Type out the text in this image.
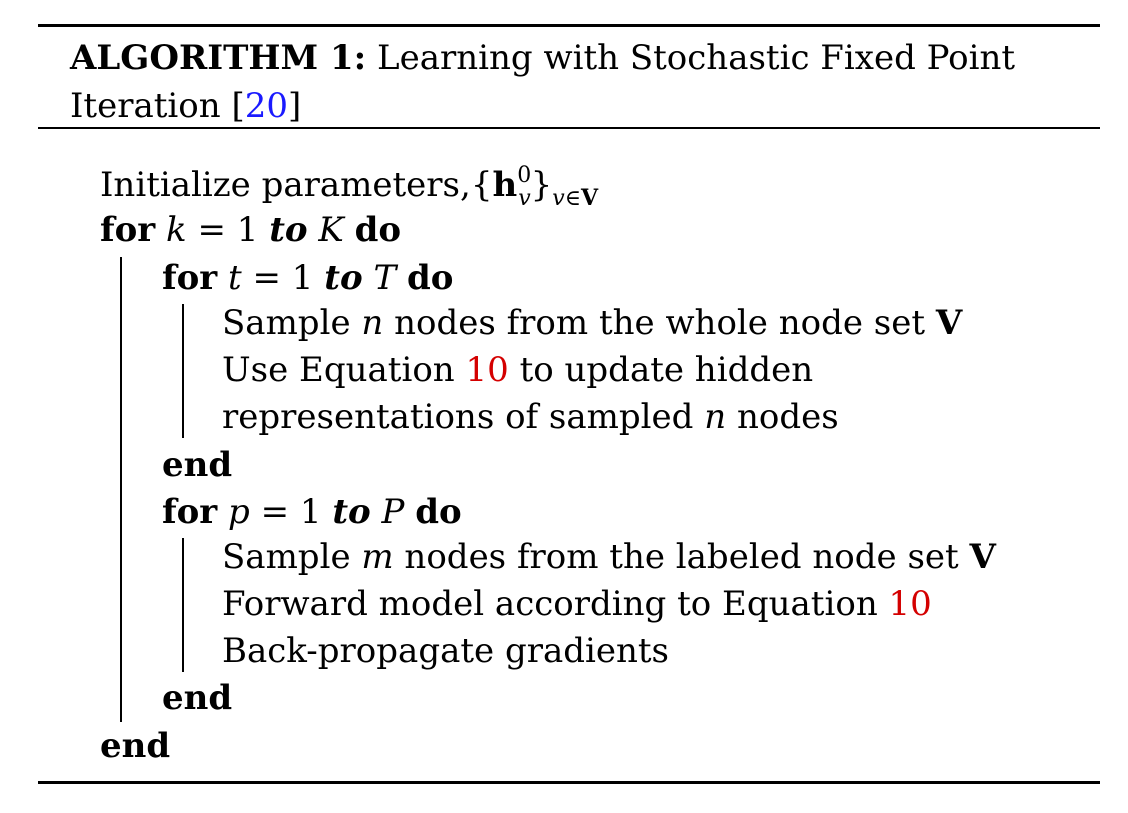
ALGORITHM 1: Learning with Stochastic Fixed Point
Iteration [20]
Initialize $parameters,\{h^0_v\}_{v\in V}$
for k = 1 to K do
for t = 1 to T do
Sample n nodes from the whole node set V
Use Equation 10 to update hidden
representations of sampled n nodes
end
for p = 1 to P do
Sample m nodes from the labeled node set V
Forward model according to Equation 10
Back-propagate gradients
end
end
